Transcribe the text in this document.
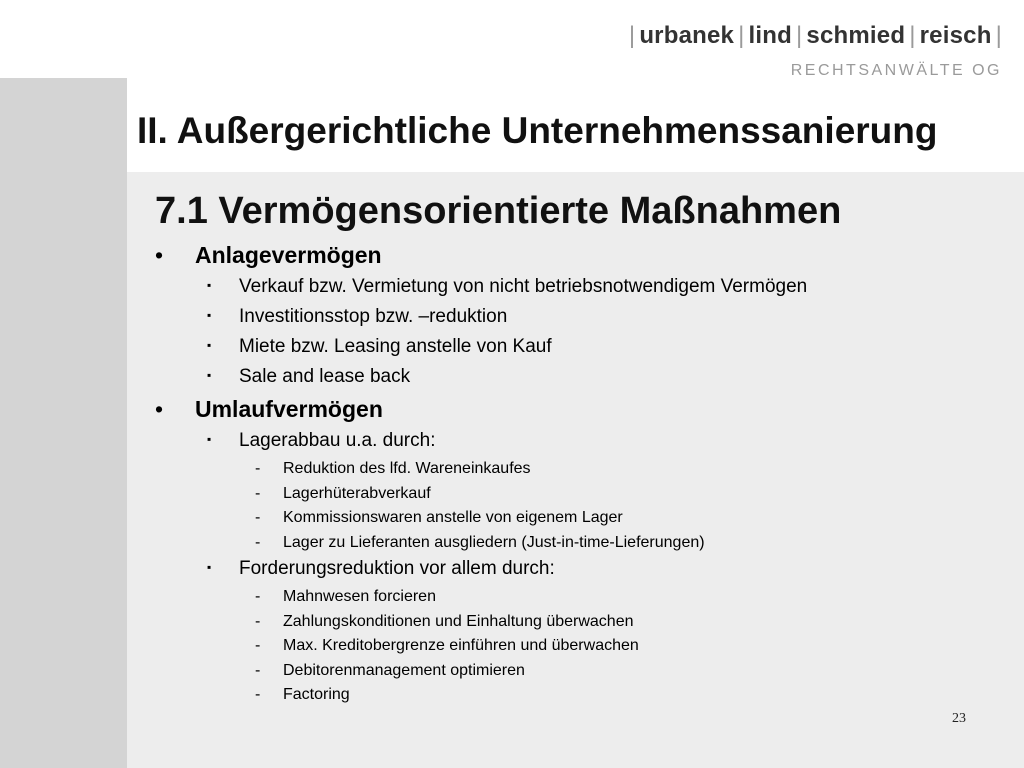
| urbanek | lind | schmied | reisch |
RECHTSANWÄLTE OG
II. Außergerichtliche Unternehmenssanierung
7.1 Vermögensorientierte Maßnahmen
•	Anlagevermögen
▪	Verkauf bzw. Vermietung von nicht betriebsnotwendigem Vermögen
▪	Investitionsstop bzw. –reduktion
▪	Miete bzw. Leasing anstelle von Kauf
▪	Sale and lease back
•	Umlaufvermögen
▪	Lagerabbau u.a. durch:
-	Reduktion des lfd. Wareneinkaufes
-	Lagerhüterabverkauf
-	Kommissionswaren anstelle von eigenem Lager
-	Lager zu Lieferanten ausgliedern (Just-in-time-Lieferungen)
▪	Forderungsreduktion vor allem durch:
-	Mahnwesen forcieren
-	Zahlungskonditionen und Einhaltung überwachen
-	Max. Kreditobergrenze einführen und überwachen
-	Debitorenmanagement optimieren
-	Factoring
23
